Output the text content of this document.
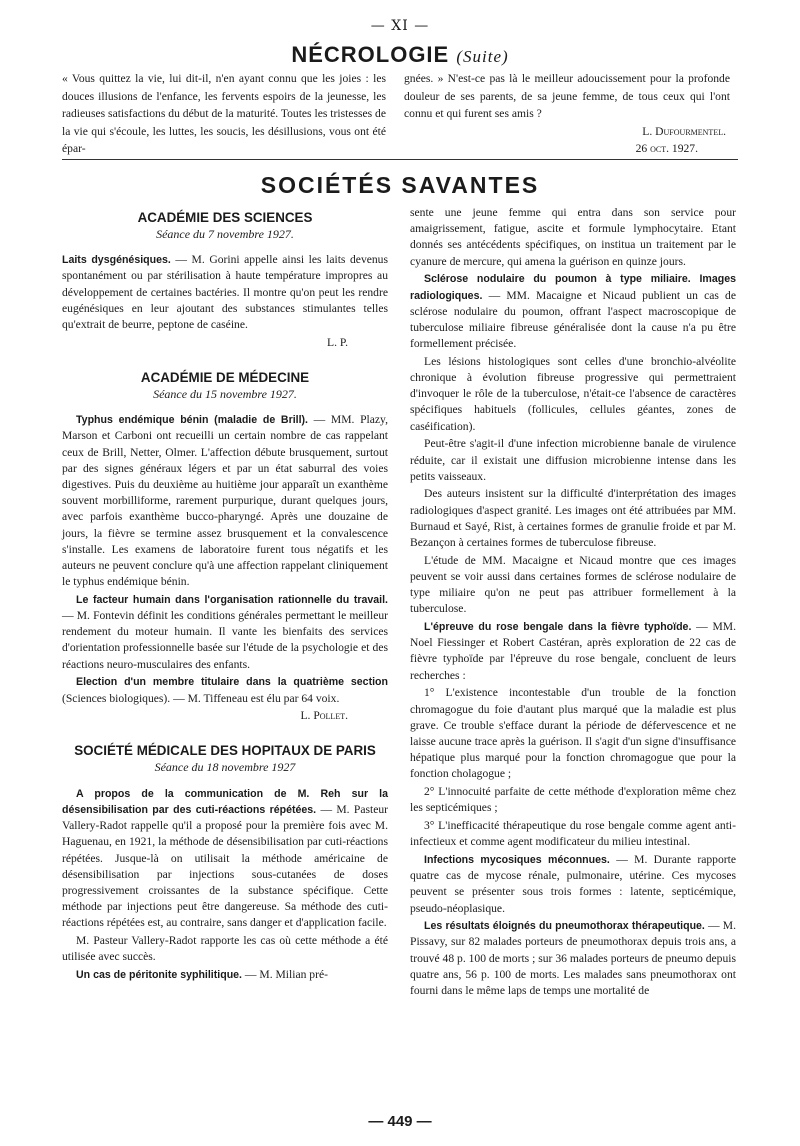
— XI —
NÉCROLOGIE (Suite)

« Vous quittez la vie, lui dit-il, n'en ayant connu que les joies : les douces illusions de l'enfance, les fervents espoirs de la jeunesse, les radieuses satisfactions du début de la maturité. Toutes les tristesses de la vie qui s'écoule, les luttes, les soucis, les désillusions, vous ont été épar-

gnées. » N'est-ce pas là le meilleur adoucissement pour la profonde douleur de ses parents, de sa jeune femme, de tous ceux qui l'ont connu et qui furent ses amis ?

L. Dufourmentel.

26 oct. 1927.

SOCIÉTÉS SAVANTES
ACADÉMIE DES SCIENCES
Séance du 7 novembre 1927.

Laits dysgénésiques. — M. Gorini appelle ainsi les laits devenus spontanément ou par stérilisation à haute température impropres au développement de certaines bactéries. Il montre qu'on peut les rendre eugénésiques en leur ajoutant des substances stimulantes telles qu'extrait de beurre, peptone de caséine.

L. P.
ACADÉMIE DE MÉDECINE
Séance du 15 novembre 1927.

Typhus endémique bénin (maladie de Brill). — MM. Plazy, Marson et Carboni ont recueilli un certain nombre de cas rappelant ceux de Brill, Netter, Olmer. L'affection débute brusquement, surtout par des signes généraux légers et par un état saburral des voies digestives. Puis du deuxième au huitième jour apparaît un exanthème souvent morbilliforme, rarement purpurique, durant quelques jours, avec parfois exanthème bucco-pharyngé. Après une douzaine de jours, la fièvre se termine assez brusquement et la convalescence s'installe. Les examens de laboratoire furent tous négatifs et les auteurs ne peuvent conclure qu'à une affection rappelant cliniquement le typhus endémique bénin.

Le facteur humain dans l'organisation rationnelle du travail. — M. Fontevin définit les conditions générales permettant le meilleur rendement du moteur humain. Il vante les bienfaits des services d'orientation professionnelle basée sur l'étude de la psychologie et des réactions neuro-musculaires des enfants.

Election d'un membre titulaire dans la quatrième section (Sciences biologiques). — M. Tiffeneau est élu par 64 voix.

L. Pollet.
SOCIÉTÉ MÉDICALE DES HOPITAUX DE PARIS
Séance du 18 novembre 1927

A propos de la communication de M. Reh sur la désensibilisation par des cuti-réactions répétées. — M. Pasteur Vallery-Radot rappelle qu'il a proposé pour la première fois avec M. Haguenau, en 1921, la méthode de désensibilisation par cuti-réactions répétées. Jusque-là on utilisait la méthode américaine de désensibilisation par injections sous-cutanées de doses progressivement croissantes de la substance spécifique. Cette méthode par injections peut être dangereuse. Sa méthode des cuti-réactions répétées est, au contraire, sans danger et d'application facile.

M. Pasteur Vallery-Radot rapporte les cas où cette méthode a été utilisée avec succès.

Un cas de péritonite syphilitique. — M. Milian pré-

sente une jeune femme qui entra dans son service pour amaigrissement, fatigue, ascite et formule lymphocytaire. Etant donnés ses antécédents spécifiques, on institua un traitement par le cyanure de mercure, qui amena la guérison en quinze jours.

Sclérose nodulaire du poumon à type miliaire. Images radiologiques. — MM. Macaigne et Nicaud publient un cas de sclérose nodulaire du poumon, offrant l'aspect macroscopique de tuberculose miliaire fibreuse généralisée dont la cause n'a pu être formellement précisée.

Les lésions histologiques sont celles d'une bronchio-alvéolite chronique à évolution fibreuse progressive qui permettraient d'invoquer le rôle de la tuberculose, n'était-ce l'absence de caractères spécifiques habituels (follicules, cellules géantes, zones de caséification).

Peut-être s'agit-il d'une infection microbienne banale de virulence réduite, car il existait une diffusion microbienne intense dans les petits vaisseaux.

Des auteurs insistent sur la difficulté d'interprétation des images radiologiques d'aspect granité. Les images ont été attribuées par MM. Burnaud et Sayé, Rist, à certaines formes de granulie froide et par M. Bezançon à certaines formes de tuberculose fibreuse.

L'étude de MM. Macaigne et Nicaud montre que ces images peuvent se voir aussi dans certaines formes de sclérose nodulaire de type miliaire qu'on ne peut pas attribuer formellement à la tuberculose.

L'épreuve du rose bengale dans la fièvre typhoïde. — MM. Noel Fiessinger et Robert Castéran, après exploration de 22 cas de fièvre typhoïde par l'épreuve du rose bengale, concluent de leurs recherches :

1° L'existence incontestable d'un trouble de la fonction chromagogue du foie d'autant plus marqué que la maladie est plus grave. Ce trouble s'efface durant la période de défervescence et ne laisse aucune trace après la guérison. Il s'agit d'un signe d'insuffisance hépatique plus marqué pour la fonction chromagogue que pour la fonction cholagogue ;

2° L'innocuité parfaite de cette méthode d'exploration même chez les septicémiques ;

3° L'inefficacité thérapeutique du rose bengale comme agent anti-infectieux et comme agent modificateur du milieu intestinal.

Infections mycosiques méconnues. — M. Durante rapporte quatre cas de mycose rénale, pulmonaire, utérine. Ces mycoses peuvent se présenter sous trois formes : latente, septicémique, pseudo-néoplasique.

Les résultats éloignés du pneumothorax thérapeutique. — M. Pissavy, sur 82 malades porteurs de pneumothorax depuis trois ans, a trouvé 48 p. 100 de morts ; sur 36 malades porteurs de pneumo depuis quatre ans, 56 p. 100 de morts. Les malades sans pneumothorax ont fourni dans le même laps de temps une mortalité de

— 449 —
